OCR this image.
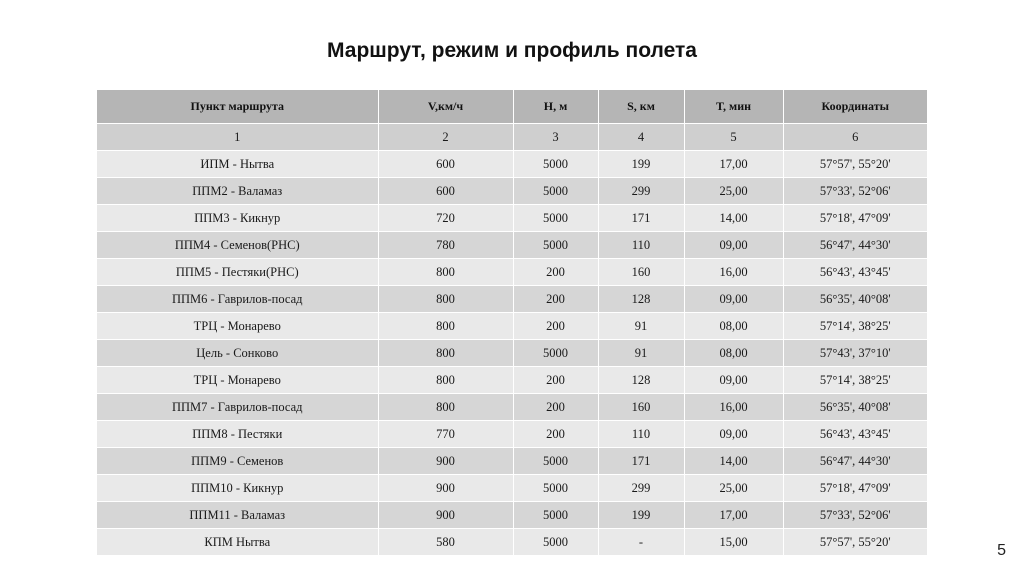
Маршрут, режим и профиль полета
Пункт маршрута	V,км/ч	H, м	S, км	T, мин	Координаты
1	2	3	4	5	6
ИПМ - Нытва	600	5000	199	17,00	57°57', 55°20'
ППМ2 - Валамаз	600	5000	299	25,00	57°33', 52°06'
ППМ3 - Кикнур	720	5000	171	14,00	57°18', 47°09'
ППМ4 - Семенов(РНС)	780	5000	110	09,00	56°47', 44°30'
ППМ5 - Пестяки(РНС)	800	200	160	16,00	56°43', 43°45'
ППМ6 - Гаврилов-посад	800	200	128	09,00	56°35', 40°08'
ТРЦ - Монарево	800	200	91	08,00	57°14', 38°25'
Цель - Сонково	800	5000	91	08,00	57°43', 37°10'
ТРЦ - Монарево	800	200	128	09,00	57°14', 38°25'
ППМ7 - Гаврилов-посад	800	200	160	16,00	56°35', 40°08'
ППМ8 - Пестяки	770	200	110	09,00	56°43', 43°45'
ППМ9 - Семенов	900	5000	171	14,00	56°47', 44°30'
ППМ10 - Кикнур	900	5000	299	25,00	57°18', 47°09'
ППМ11 - Валамаз	900	5000	199	17,00	57°33', 52°06'
КПМ Нытва	580	5000	-	15,00	57°57', 55°20'
5
